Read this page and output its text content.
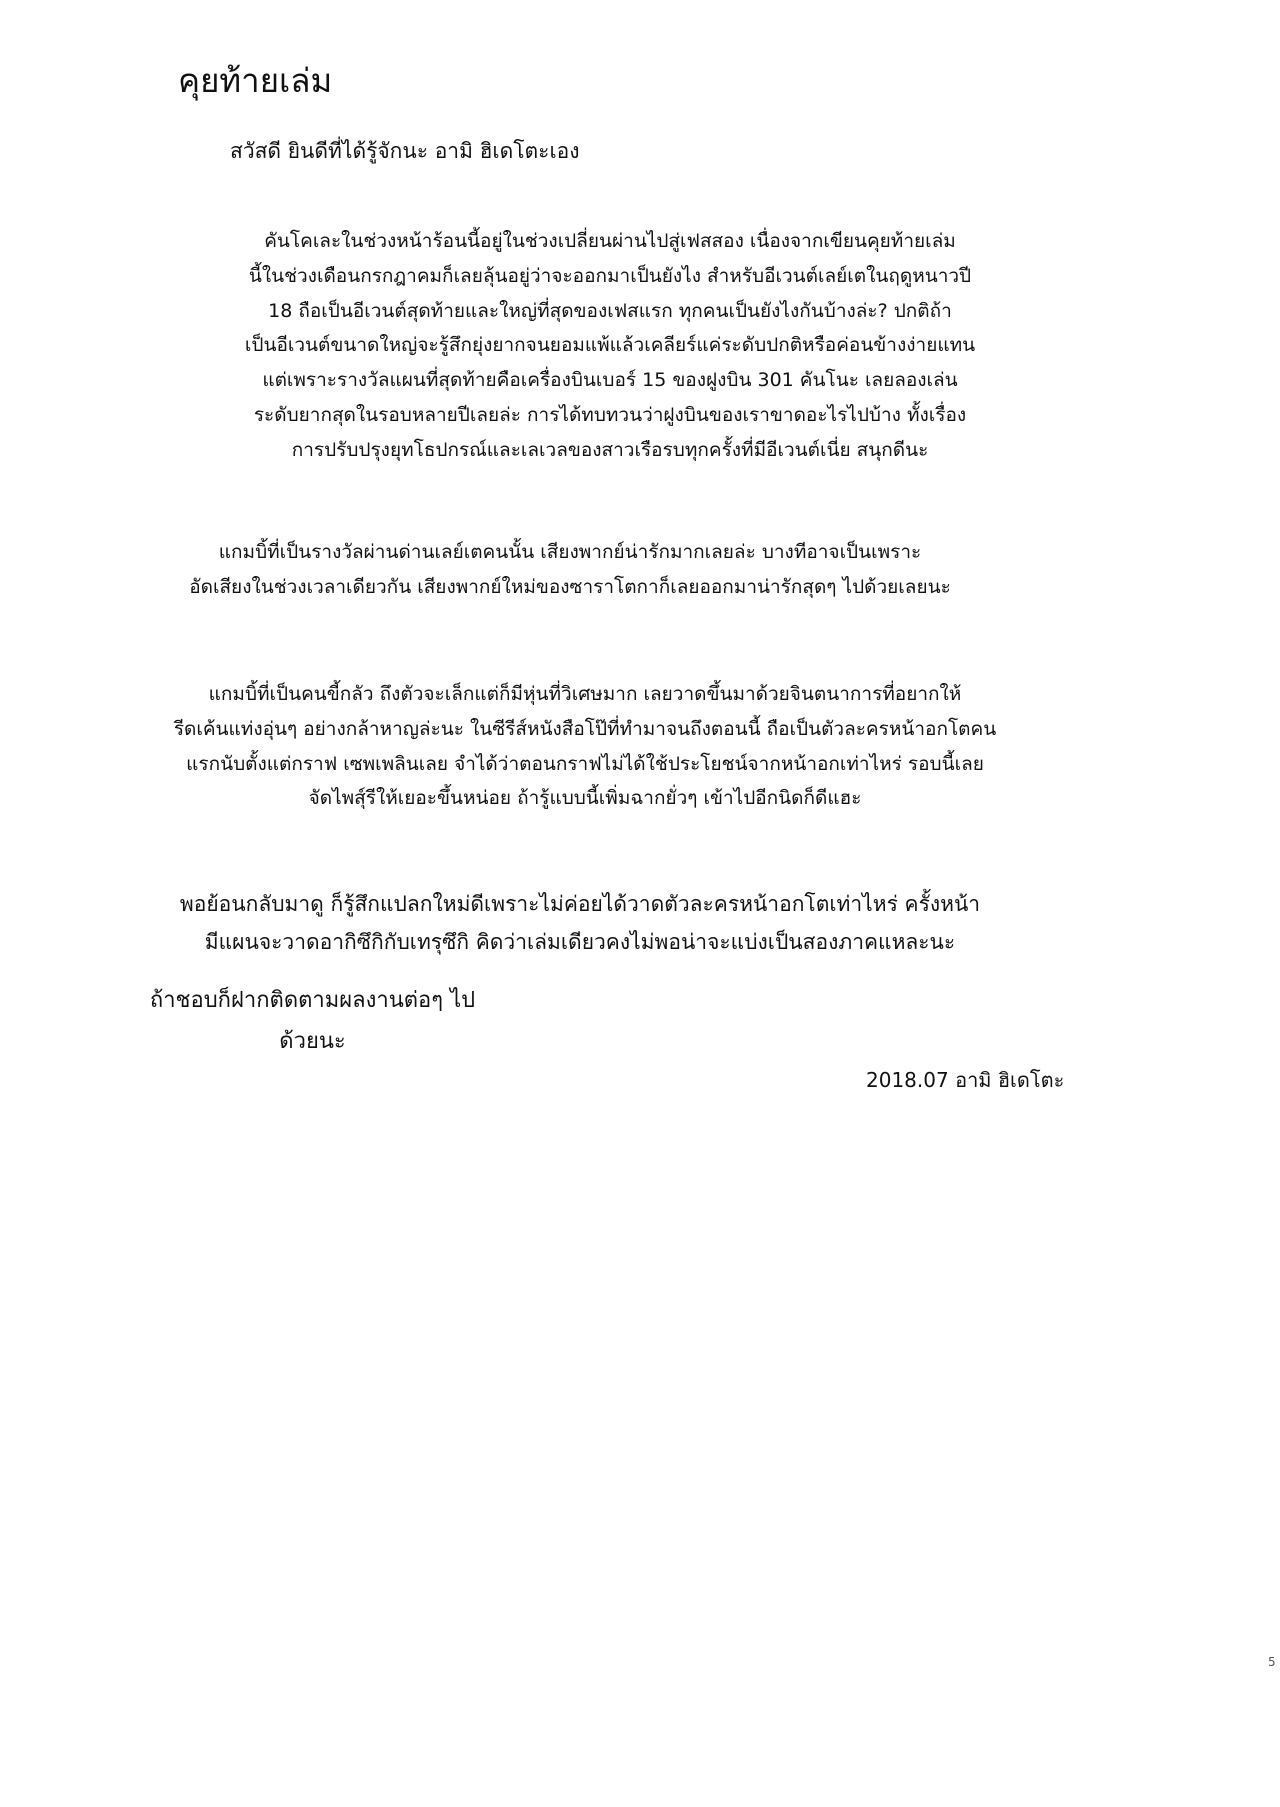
คุยท้ายเล่ม

สวัสดี ยินดีที่ได้รู้จักนะ อามิ ฮิเดโตะเอง

คันโคเละในช่วงหน้าร้อนนี้อยู่ในช่วงเปลี่ยนผ่านไปสู่เฟสสอง เนื่องจากเขียนคุยท้ายเล่ม
นี้ในช่วงเดือนกรกฎาคมก็เลยลุ้นอยู่ว่าจะออกมาเป็นยังไง สำหรับอีเวนต์เลย์เตในฤดูหนาวปี
18 ถือเป็นอีเวนต์สุดท้ายและใหญ่ที่สุดของเฟสแรก ทุกคนเป็นยังไงกันบ้างล่ะ? ปกติถ้า
เป็นอีเวนต์ขนาดใหญ่จะรู้สึกยุ่งยากจนยอมแพ้แล้วเคลียร์แค่ระดับปกติหรือค่อนข้างง่ายแทน
แต่เพราะรางวัลแผนที่สุดท้ายคือเครื่องบินเบอร์ 15 ของฝูงบิน 301 คันโนะ เลยลองเล่น
ระดับยากสุดในรอบหลายปีเลยล่ะ การได้ทบทวนว่าฝูงบินของเราขาดอะไรไปบ้าง ทั้งเรื่อง
การปรับปรุงยุทโธปกรณ์และเลเวลของสาวเรือรบทุกครั้งที่มีอีเวนต์เนี่ย สนุกดีนะ
แกมบิ้ที่เป็นรางวัลผ่านด่านเลย์เตคนนั้น เสียงพากย์น่ารักมากเลยล่ะ บางทีอาจเป็นเพราะ
อัดเสียงในช่วงเวลาเดียวกัน เสียงพากย์ใหม่ของซาราโตกาก็เลยออกมาน่ารักสุดๆ ไปด้วยเลยนะ
แกมบิ้ที่เป็นคนขี้กลัว ถึงตัวจะเล็กแต่ก็มีหุ่นที่วิเศษมาก เลยวาดขึ้นมาด้วยจินตนาการที่อยากให้
รีดเค้นแท่งอุ่นๆ อย่างกล้าหาญล่ะนะ ในซีรีส์หนังสือโป๊ที่ทำมาจนถึงตอนนี้ ถือเป็นตัวละครหน้าอกโตคน
แรกนับตั้งแต่กราฟ เซพเพลินเลย จำได้ว่าตอนกราฟไม่ได้ใช้ประโยชน์จากหน้าอกเท่าไหร่ รอบนี้เลย
จัดไพสุ์รีให้เยอะขึ้นหน่อย ถ้ารู้แบบนี้เพิ่มฉากยั่วๆ เข้าไปอีกนิดก็ดีแฮะ
พอย้อนกลับมาดู ก็รู้สึกแปลกใหม่ดีเพราะไม่ค่อยได้วาดตัวละครหน้าอกโตเท่าไหร่ ครั้งหน้า
มีแผนจะวาดอากิซึกิกับเทรุซึกิ คิดว่าเล่มเดียวคงไม่พอน่าจะแบ่งเป็นสองภาคแหละนะ
ถ้าชอบก็ฝากติดตามผลงานต่อๆ ไป
ด้วยนะ

2018.07 อามิ ฮิเดโตะ

5
